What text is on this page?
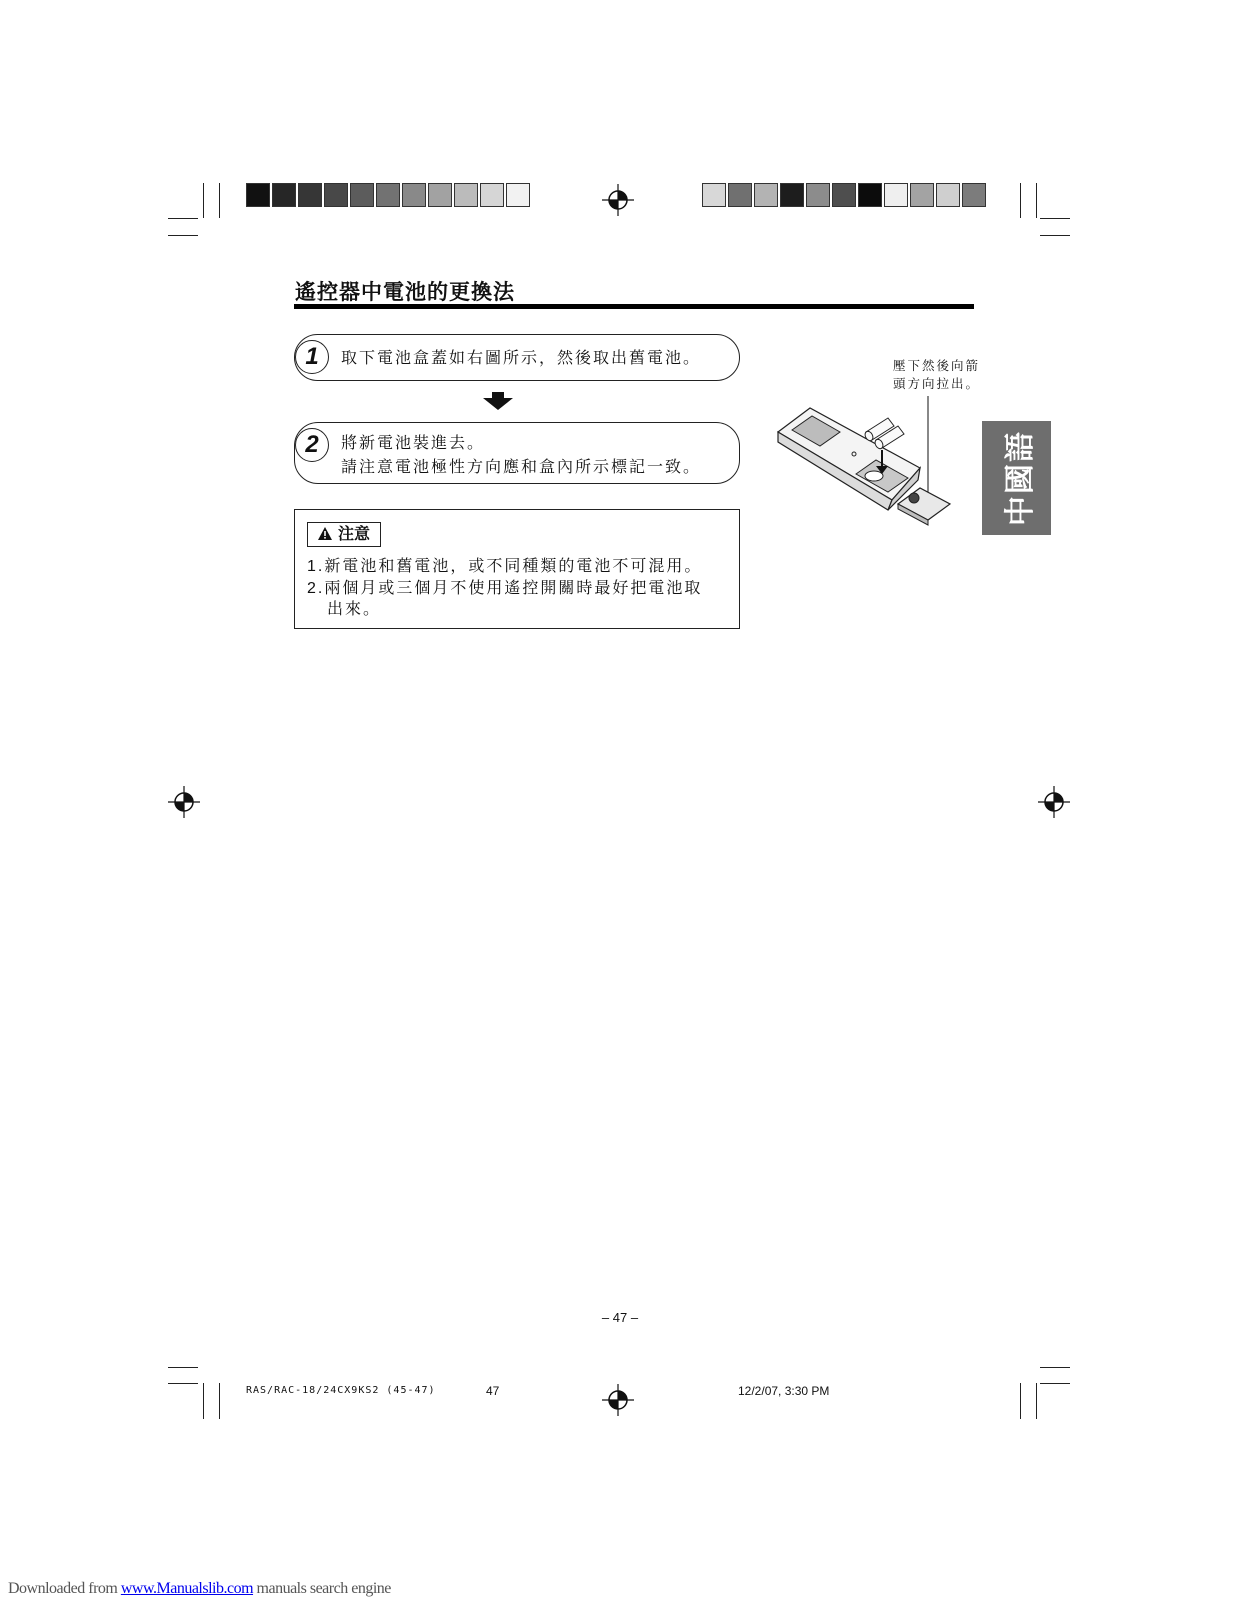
遙控器中電池的更換法
1	取下電池盒蓋如右圖所示，然後取出舊電池。
2	將新電池裝進去。
請注意電池極性方向應和盒內所示標記一致。
注意
1.新電池和舊電池，或不同種類的電池不可混用。
2.兩個月或三個月不使用遙控開關時最好把電池取
出來。
壓下然後向箭
頭方向拉出。
中國語
– 47 –
RAS/RAC-18/24CX9KS2 (45-47)	47	12/2/07, 3:30 PM
Downloaded from www.Manualslib.com manuals search engine
